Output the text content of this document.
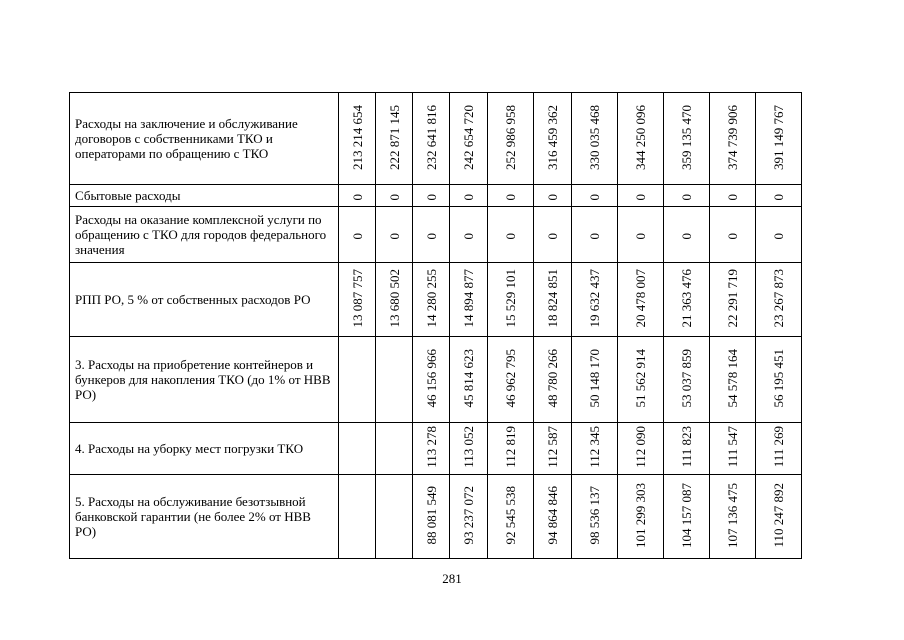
Расходы на заключение и обслуживание договоров с собственниками ТКО и операторами по обращению с ТКО	213 214 654	222 871 145	232 641 816	242 654 720	252 986 958	316 459 362	330 035 468	344 250 096	359 135 470	374 739 906	391 149 767
Сбытовые расходы	0	0	0	0	0	0	0	0	0	0	0
Расходы на оказание комплексной услуги по обращению с ТКО для городов федерального значения	0	0	0	0	0	0	0	0	0	0	0
РПП РО, 5 % от собственных расходов РО	13 087 757	13 680 502	14 280 255	14 894 877	15 529 101	18 824 851	19 632 437	20 478 007	21 363 476	22 291 719	23 267 873
3. Расходы на приобретение контейнеров и бункеров для накопления ТКО (до 1% от НВВ РО)			46 156 966	45 814 623	46 962 795	48 780 266	50 148 170	51 562 914	53 037 859	54 578 164	56 195 451
4. Расходы на уборку мест погрузки ТКО			113 278	113 052	112 819	112 587	112 345	112 090	111 823	111 547	111 269
5. Расходы на обслуживание безотзывной банковской гарантии (не более 2% от НВВ РО)			88 081 549	93 237 072	92 545 538	94 864 846	98 536 137	101 299 303	104 157 087	107 136 475	110 247 892
281
